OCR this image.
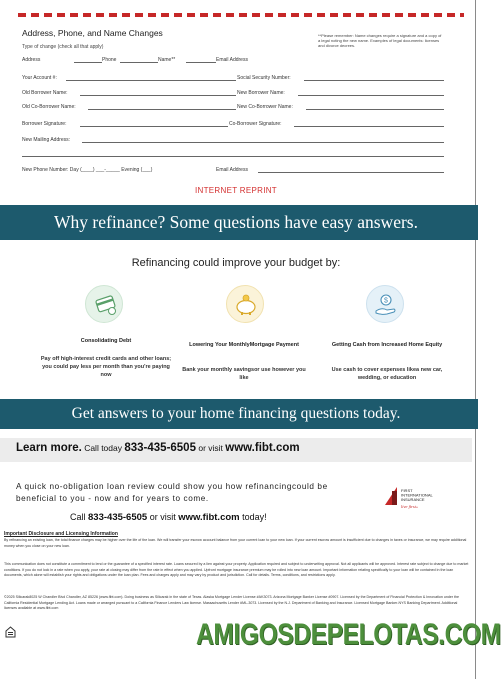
Address, Phone, and Name Changes
Type of change (check all that apply)
**Please remember: Name changes require a signature and a copy of a legal noting the new name. Examples of legal documents: licenses and divorce decrees.
Address	Phone	Name**	Email Address
Your Account #:	Social Security Number:
Old Borrower Name:	New Borrower Name:
Old Co-Borrower Name:	New Co-Borrower Name:
Borrower Signature:	Co-Borrower Signature:
New Mailing Address:
New Phone Number: Day (____) ___-_____ Evening (___)	Email Address
INTERNET REPRINT
Why refinance? Some questions have easy answers.
Refinancing could improve your budget by:
Consolidating Debt
Pay off high-interest credit cards and other loans; you could pay less per month than you're paying now
Lowering Your MonthlyMortgage Payment
Bank your monthly savingsor use however you like
$
Getting Cash from Increased Home Equity
Use cash to cover expenses likea new car, wedding, or education
Get answers to your home financing questions today.
Learn more. Call today 833-435-6505 or visit www.fibt.com
A quick no-obligation loan review could show you how refinancingcould be beneficial to you - now and for years to come.
Call 833-435-6505 or visit www.fibt.com today!
FIRST
INTERNATIONAL
INSURANCE
live first»
Important Disclosure and Licensing Information
By refinancing an existing loan, the total finance charges may be higher over the life of the loan. We will transfer your escrow account balance from your current loan to your new loan. If your current escrow amount is insufficient due to changes in taxes or insurance, we may require additional money when you close on your new loan.
This communication does not constitute a commitment to lend or the guarantee of a specified interest rate. Loans secured by a lien against your property. Application required and subject to underwriting approval. Not all applicants will be approved. Interest rate subject to change due to market conditions. If you do not lock in a rate when you apply, your rate at closing may differ from the rate in effect when you applied. Upfront mortgage insurance premium may be rolled into new loan amount. Important information relating specifically to your loan will be contained in the loan documents, which alone will establish your rights and obligations under the loan plan. Fees and charges apply and may vary by product and jurisdiction. Call for details. Terms, conditions, and restrictions apply.
©2025 Silicarak8025 W Chandler Blvd Chandler, AZ 85226 (www.fibt.com). Doing business as Silicarak in the state of Texas. Alaska Mortgage Lender License #AK3073. Arizona Mortgage Banker License #0907. Licensed by the Department of Financial Protection & Innovation under the California Residential Mortgage Lending Act. Loans made or arranged pursuant to a California Finance Lenders Law license. Massachusetts Lender #ML-3073. Licensed by the N.J. Department of Banking and Insurance. Licensed Mortgage Banker-NYS Banking Department. Additional licenses available at www.fibt.com
AMIGOSDEPELOTAS.COM
